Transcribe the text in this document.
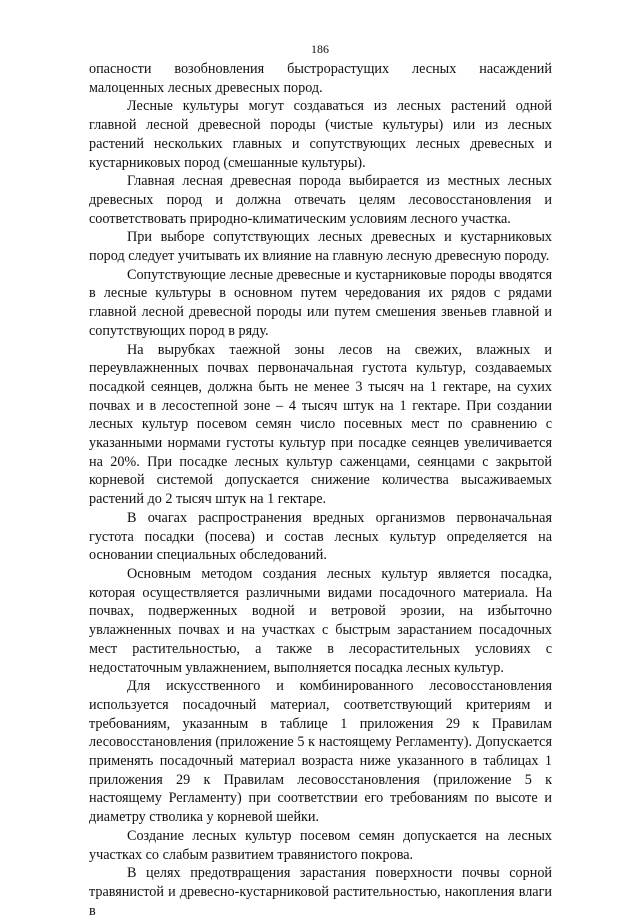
186

опасности возобновления быстрорастущих лесных насаждений малоценных лесных древесных пород.

Лесные культуры могут создаваться из лесных растений одной главной лесной древесной породы (чистые культуры) или из лесных растений нескольких главных и сопутствующих лесных древесных и кустарниковых пород (смешанные культуры).

Главная лесная древесная порода выбирается из местных лесных древесных пород и должна отвечать целям лесовосстановления и соответствовать природно-климатическим условиям лесного участка.

При выборе сопутствующих лесных древесных и кустарниковых пород следует учитывать их влияние на главную лесную древесную породу.

Сопутствующие лесные древесные и кустарниковые породы вводятся в лесные культуры в основном путем чередования их рядов с рядами главной лесной древесной породы или путем смешения звеньев главной и сопутствующих пород в ряду.

На вырубках таежной зоны лесов на свежих, влажных и переувлажненных почвах первоначальная густота культур, создаваемых посадкой сеянцев, должна быть не менее 3 тысяч на 1 гектаре, на сухих почвах и в лесостепной зоне – 4 тысяч штук на 1 гектаре. При создании лесных культур посевом семян число посевных мест по сравнению с указанными нормами густоты культур при посадке сеянцев увеличивается на 20%. При посадке лесных культур саженцами, сеянцами с закрытой корневой системой допускается снижение количества высаживаемых растений до 2 тысяч штук на 1 гектаре.

В очагах распространения вредных организмов первоначальная густота посадки (посева) и состав лесных культур определяется на основании специальных обследований.

Основным методом создания лесных культур является посадка, которая осуществляется различными видами посадочного материала. На почвах, подверженных водной и ветровой эрозии, на избыточно увлажненных почвах и на участках с быстрым зарастанием посадочных мест растительностью, а также в лесорастительных условиях с недостаточным увлажнением, выполняется посадка лесных культур.

Для искусственного и комбинированного лесовосстановления используется посадочный материал, соответствующий критериям и требованиям, указанным в таблице 1 приложения 29 к Правилам лесовосстановления (приложение 5 к настоящему Регламенту). Допускается применять посадочный материал возраста ниже указанного в таблицах 1 приложения 29 к Правилам лесовосстановления (приложение 5 к настоящему Регламенту) при соответствии его требованиям по высоте и диаметру стволика у корневой шейки.

Создание лесных культур посевом семян допускается на лесных участках со слабым развитием травянистого покрова.

В целях предотвращения зарастания поверхности почвы сорной травянистой и древесно-кустарниковой растительностью, накопления влаги в
